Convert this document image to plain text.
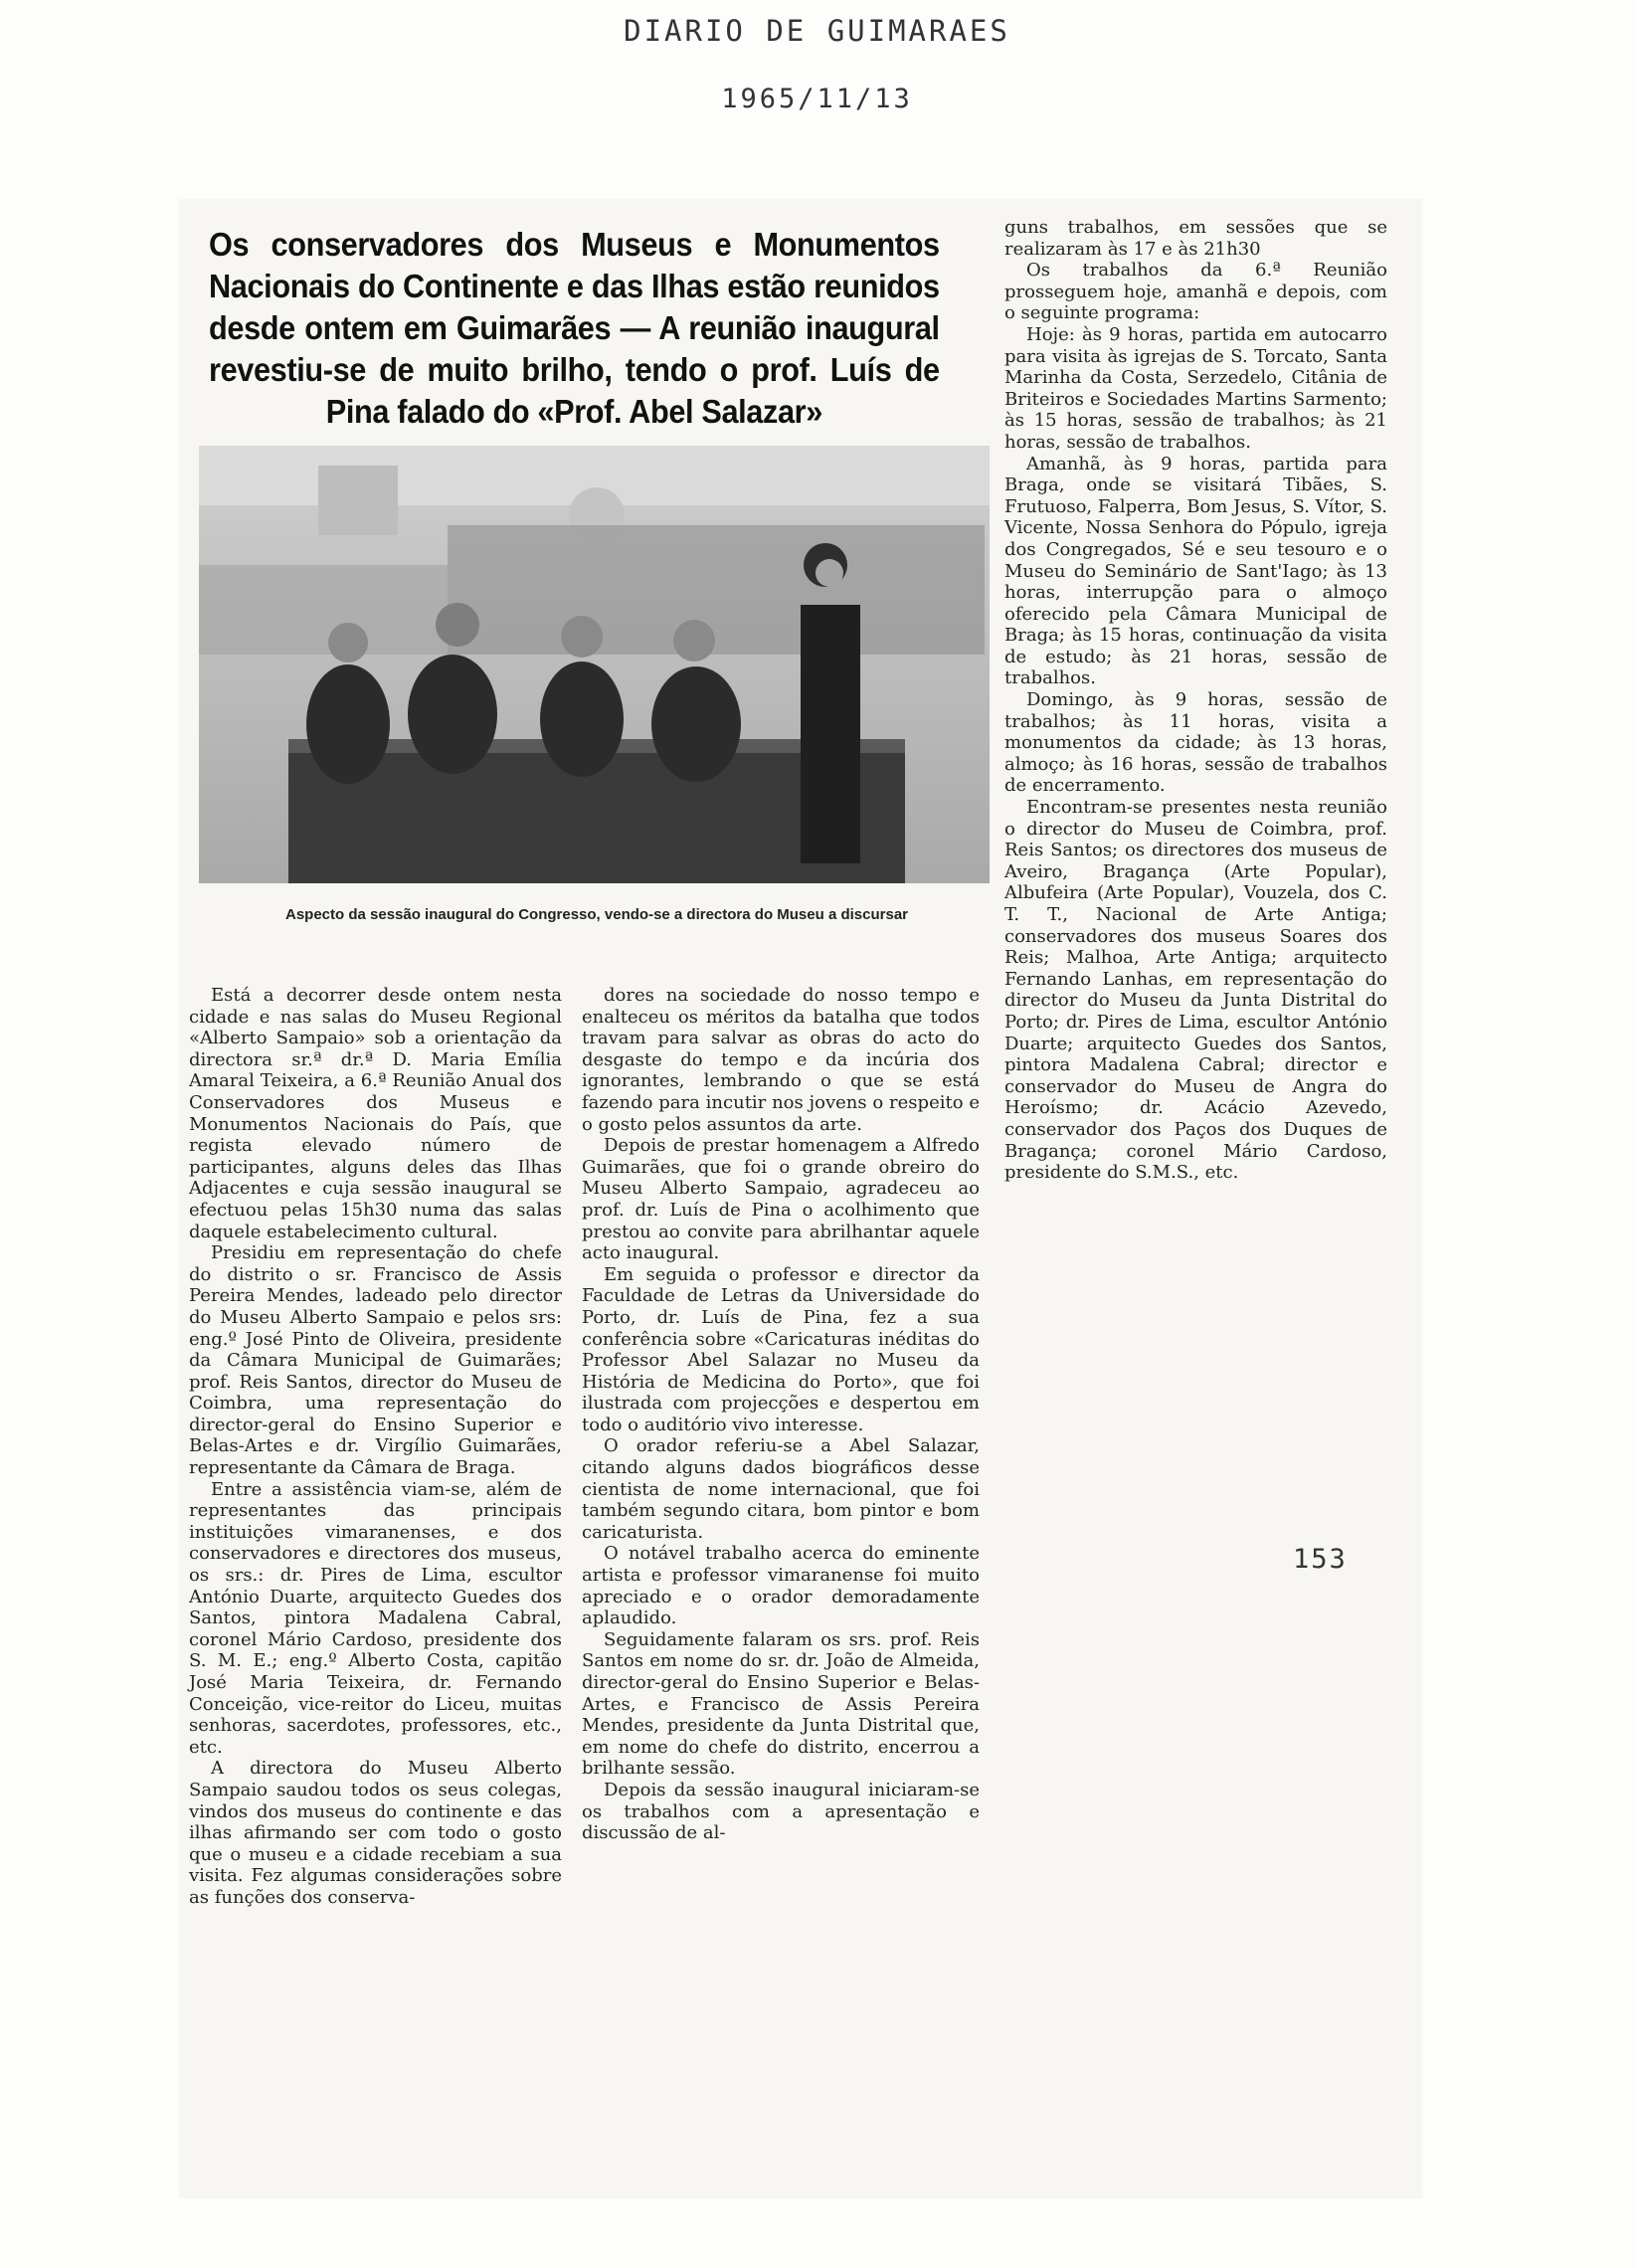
DIARIO DE GUIMARAES
1965/11/13
Os conservadores dos Museus e Monumentos Nacionais do Continente e das Ilhas estão reunidos desde ontem em Guimarães — A reunião inaugural revestiu-se de muito brilho, tendo o prof. Luís de Pina falado do «Prof. Abel Salazar»
Aspecto da sessão inaugural do Congresso, vendo-se a directora do Museu a discursar

Está a decorrer desde ontem nesta cidade e nas salas do Museu Regional «Alberto Sampaio» sob a orientação da directora sr.ª dr.ª D. Maria Emília Amaral Teixeira, a 6.ª Reunião Anual dos Conservadores dos Museus e Monumentos Nacionais do País, que regista elevado número de participantes, alguns deles das Ilhas Adjacentes e cuja sessão inaugural se efectuou pelas 15h30 numa das salas daquele estabelecimento cultural.

Presidiu em representação do chefe do distrito o sr. Francisco de Assis Pereira Mendes, ladeado pelo director do Museu Alberto Sampaio e pelos srs: eng.º José Pinto de Oliveira, presidente da Câmara Municipal de Guimarães; prof. Reis Santos, director do Museu de Coimbra, uma representação do director-geral do Ensino Superior e Belas-Artes e dr. Virgílio Guimarães, representante da Câmara de Braga.

Entre a assistência viam-se, além de representantes das principais instituições vimaranenses, e dos conservadores e directores dos museus, os srs.: dr. Pires de Lima, escultor António Duarte, arquitecto Guedes dos Santos, pintora Madalena Cabral, coronel Mário Cardoso, presidente dos S. M. E.; eng.º Alberto Costa, capitão José Maria Teixeira, dr. Fernando Conceição, vice-reitor do Liceu, muitas senhoras, sacerdotes, professores, etc., etc.

A directora do Museu Alberto Sampaio saudou todos os seus colegas, vindos dos museus do continente e das ilhas afirmando ser com todo o gosto que o museu e a cidade recebiam a sua visita. Fez algumas considerações sobre as funções dos conserva-

dores na sociedade do nosso tempo e enalteceu os méritos da batalha que todos travam para salvar as obras do acto do desgaste do tempo e da incúria dos ignorantes, lembrando o que se está fazendo para incutir nos jovens o respeito e o gosto pelos assuntos da arte.

Depois de prestar homenagem a Alfredo Guimarães, que foi o grande obreiro do Museu Alberto Sampaio, agradeceu ao prof. dr. Luís de Pina o acolhimento que prestou ao convite para abrilhantar aquele acto inaugural.

Em seguida o professor e director da Faculdade de Letras da Universidade do Porto, dr. Luís de Pina, fez a sua conferência sobre «Caricaturas inéditas do Professor Abel Salazar no Museu da História de Medicina do Porto», que foi ilustrada com projecções e despertou em todo o auditório vivo interesse.

O orador referiu-se a Abel Salazar, citando alguns dados biográficos desse cientista de nome internacional, que foi também segundo citara, bom pintor e bom caricaturista.

O notável trabalho acerca do eminente artista e professor vimaranense foi muito apreciado e o orador demoradamente aplaudido.

Seguidamente falaram os srs. prof. Reis Santos em nome do sr. dr. João de Almeida, director-geral do Ensino Superior e Belas-Artes, e Francisco de Assis Pereira Mendes, presidente da Junta Distrital que, em nome do chefe do distrito, encerrou a brilhante sessão.

Depois da sessão inaugural iniciaram-se os trabalhos com a apresentação e discussão de al-

guns trabalhos, em sessões que se realizaram às 17 e às 21h30

Os trabalhos da 6.ª Reunião prosseguem hoje, amanhã e depois, com o seguinte programa:

Hoje: às 9 horas, partida em autocarro para visita às igrejas de S. Torcato, Santa Marinha da Costa, Serzedelo, Citânia de Briteiros e Sociedades Martins Sarmento; às 15 horas, sessão de trabalhos; às 21 horas, sessão de trabalhos.

Amanhã, às 9 horas, partida para Braga, onde se visitará Tibães, S. Frutuoso, Falperra, Bom Jesus, S. Vítor, S. Vicente, Nossa Senhora do Pópulo, igreja dos Congregados, Sé e seu tesouro e o Museu do Seminário de Sant'Iago; às 13 horas, interrupção para o almoço oferecido pela Câmara Municipal de Braga; às 15 horas, continuação da visita de estudo; às 21 horas, sessão de trabalhos.

Domingo, às 9 horas, sessão de trabalhos; às 11 horas, visita a monumentos da cidade; às 13 horas, almoço; às 16 horas, sessão de trabalhos de encerramento.

Encontram-se presentes nesta reunião o director do Museu de Coimbra, prof. Reis Santos; os directores dos museus de Aveiro, Bragança (Arte Popular), Albufeira (Arte Popular), Vouzela, dos C. T. T., Nacional de Arte Antiga; conservadores dos museus Soares dos Reis; Malhoa, Arte Antiga; arquitecto Fernando Lanhas, em representação do director do Museu da Junta Distrital do Porto; dr. Pires de Lima, escultor António Duarte; arquitecto Guedes dos Santos, pintora Madalena Cabral; director e conservador do Museu de Angra do Heroísmo; dr. Acácio Azevedo, conservador dos Paços dos Duques de Bragança; coronel Mário Cardoso, presidente do S.M.S., etc.

153
